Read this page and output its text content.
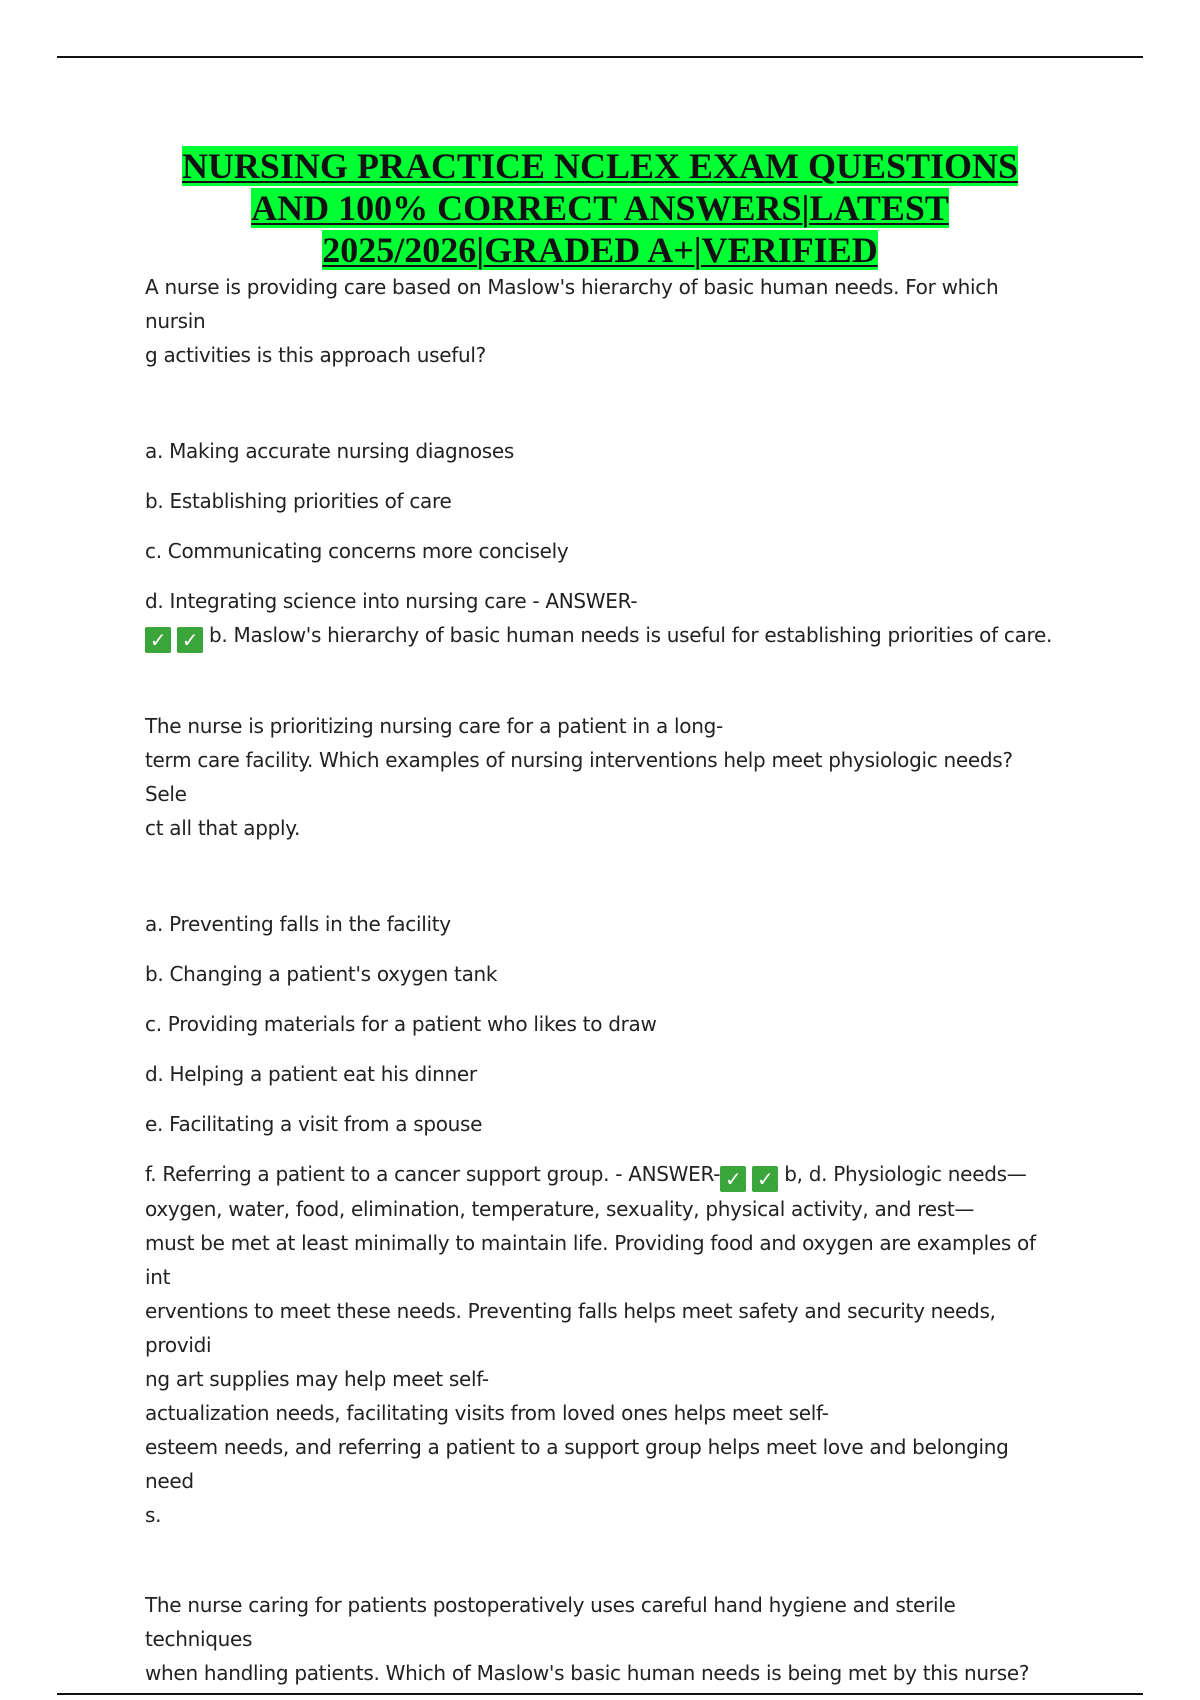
NURSING PRACTICE NCLEX EXAM QUESTIONS
AND 100% CORRECT ANSWERS|LATEST
2025/2026|GRADED A+|VERIFIED

A nurse is providing care based on Maslow's hierarchy of basic human needs. For which nursin
g activities is this approach useful?

a. Making accurate nursing diagnoses

b. Establishing priorities of care

c. Communicating concerns more concisely

d. Integrating science into nursing care - ANSWER-

✓ ✓ b. Maslow's hierarchy of basic human needs is useful for establishing priorities of care.

The nurse is prioritizing nursing care for a patient in a long-
term care facility. Which examples of nursing interventions help meet physiologic needs? Sele
ct all that apply.

a. Preventing falls in the facility

b. Changing a patient's oxygen tank

c. Providing materials for a patient who likes to draw

d. Helping a patient eat his dinner

e. Facilitating a visit from a spouse

f. Referring a patient to a cancer support group. - ANSWER- ✓ ✓ b, d. Physiologic needs—
oxygen, water, food, elimination, temperature, sexuality, physical activity, and rest—
must be met at least minimally to maintain life. Providing food and oxygen are examples of int
erventions to meet these needs. Preventing falls helps meet safety and security needs, providi
ng art supplies may help meet self-
actualization needs, facilitating visits from loved ones helps meet self-
esteem needs, and referring a patient to a support group helps meet love and belonging need
s.

The nurse caring for patients postoperatively uses careful hand hygiene and sterile techniques
when handling patients. Which of Maslow's basic human needs is being met by this nurse?
